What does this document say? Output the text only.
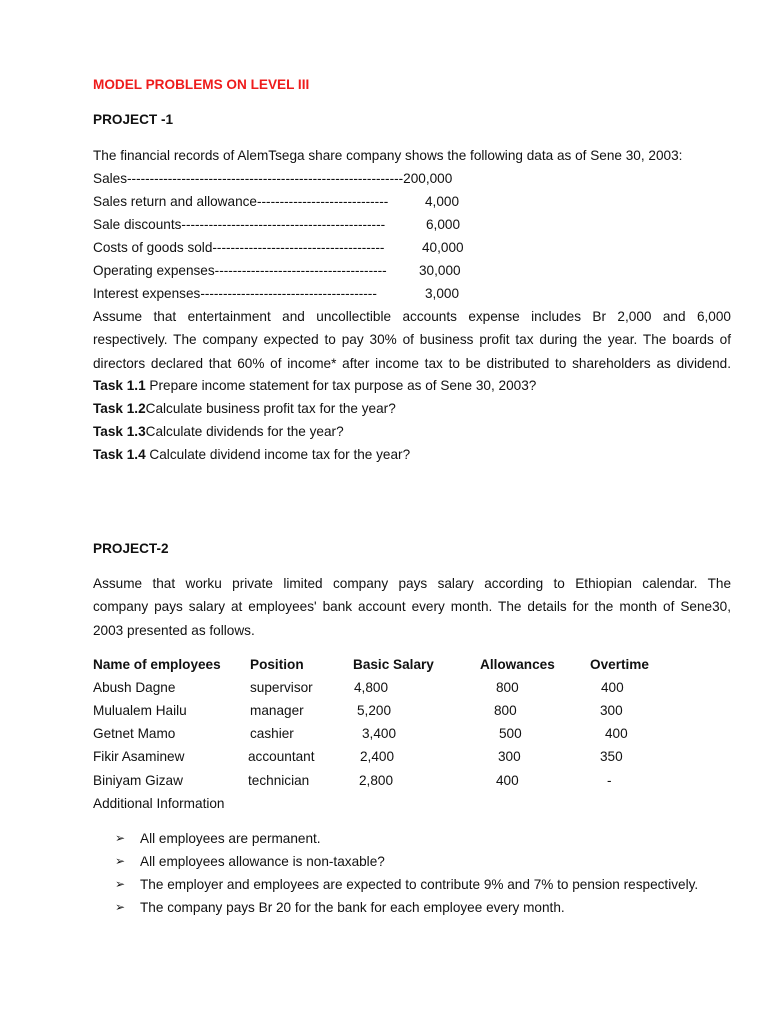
MODEL PROBLEMS ON LEVEL III
PROJECT -1
The financial records of AlemTsega share company shows the following data as of Sene 30, 2003:
Sales-------------------------------------------------------------200,000
Sales return and allowance-----------------------------	4,000
Sale discounts---------------------------------------------	6,000
Costs of goods sold--------------------------------------	40,000
Operating expenses-------------------------------------- 30,000
Interest expenses---------------------------------------	3,000
Assume that entertainment and uncollectible accounts expense includes Br 2,000 and 6,000
respectively. The company expected to pay 30% of business profit tax during the year. The boards of
directors declared that 60% of income* after income tax to be distributed to shareholders as dividend.
Task 1.1 Prepare income statement for tax purpose as of Sene 30, 2003?
Task 1.2Calculate business profit tax for the year?
Task 1.3Calculate dividends for the year?
Task 1.4 Calculate dividend income tax for the year?
PROJECT-2
Assume that worku private limited company pays salary according to Ethiopian calendar. The
company pays salary at employees' bank account every month. The details for the month of Sene30,
2003 presented as follows.
Name of employees Position	Basic Salary	Allowances	Overtime
Abush Dagne	supervisor	4,800	800	400
Mulualem Hailu	manager	5,200	800	300
Getnet Mamo	cashier	3,400	500	400
Fikir Asaminew	accountant	2,400	300	350
Biniyam Gizaw	technician	2,800	400	-
Additional Information
➢ All employees are permanent.
➢ All employees allowance is non-taxable?
➢ The employer and employees are expected to contribute 9% and 7% to pension respectively.
➢ The company pays Br 20 for the bank for each employee every month.
